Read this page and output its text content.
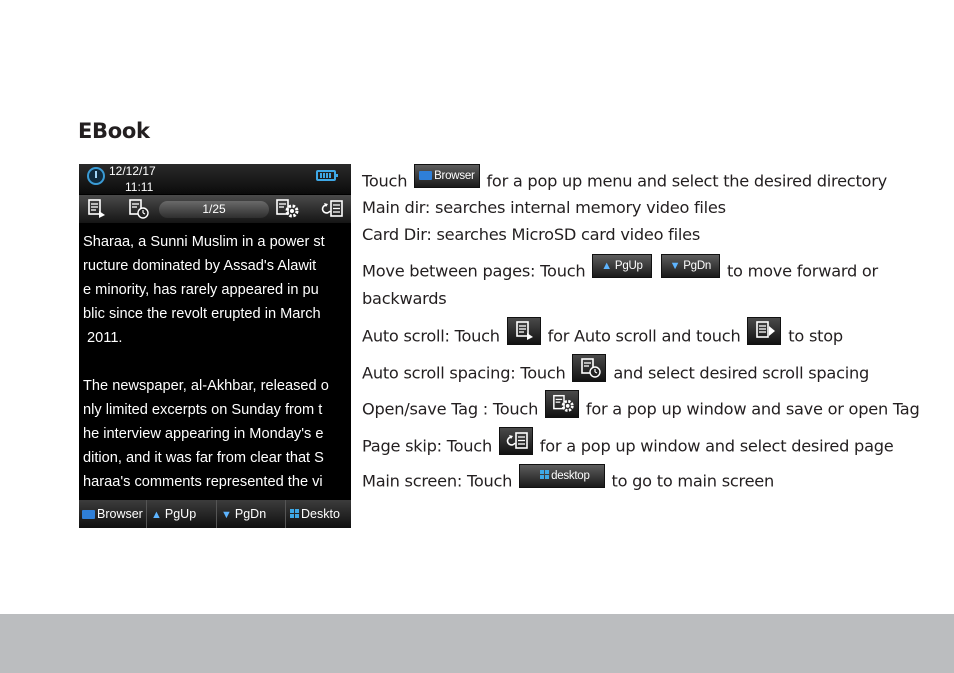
EBook
12/12/17
11:11
1/25
Sharaa, a Sunni Muslim in a power st
ructure dominated by Assad's Alawit
e minority, has rarely appeared in pu
blic since the revolt erupted in March
2011.

The newspaper, al-Akhbar, released o
nly limited excerpts on Sunday from t
he interview appearing in Monday's e
dition, and it was far from clear that S
haraa's comments represented the vi
Browser ▲ PgUp	▼ PgDn	Deskto
Touch Browser for a pop up menu and select the desired directory
Main dir: searches internal memory video files
Card Dir: searches MicroSD card video files
Move between pages: Touch ▲ PgUp ▼ PgDn to move forward or
backwards
Auto scroll: Touch	for Auto scroll and touch	to stop
Auto scroll spacing: Touch	and select desired scroll spacing
Open/save Tag : Touch	for a pop up window and save or open Tag
Page skip: Touch	for a pop up window and select desired page
Main screen: Touch	desktop to go to main screen
